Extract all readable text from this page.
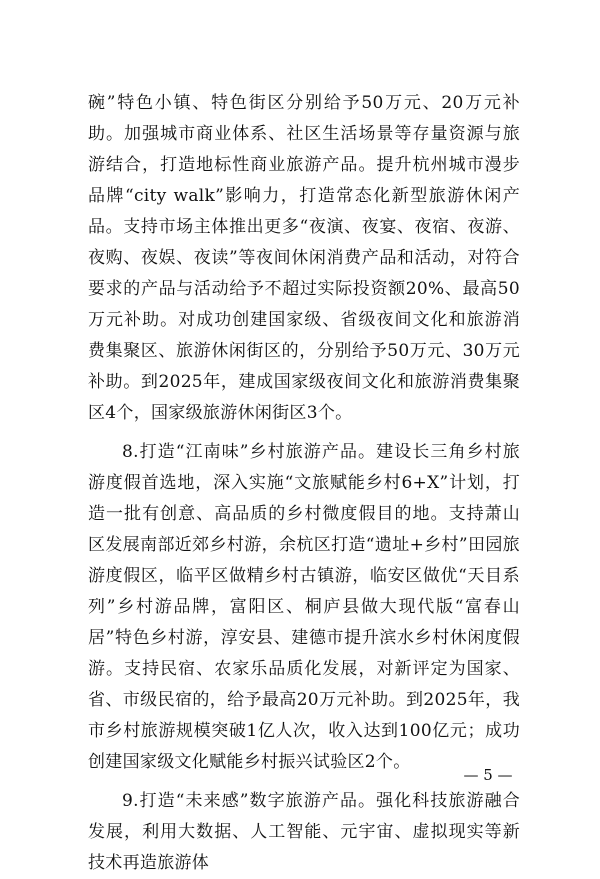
碗”特色小镇、特色街区分别给予50万元、20万元补助。加强城市商业体系、社区生活场景等存量资源与旅游结合，打造地标性商业旅游产品。提升杭州城市漫步品牌“city walk”影响力，打造常态化新型旅游休闲产品。支持市场主体推出更多“夜演、夜宴、夜宿、夜游、夜购、夜娱、夜读”等夜间休闲消费产品和活动，对符合要求的产品与活动给予不超过实际投资额20%、最高50万元补助。对成功创建国家级、省级夜间文化和旅游消费集聚区、旅游休闲街区的，分别给予50万元、30万元补助。到2025年，建成国家级夜间文化和旅游消费集聚区4个，国家级旅游休闲街区3个。

8.打造“江南味”乡村旅游产品。建设长三角乡村旅游度假首选地，深入实施“文旅赋能乡村6+X”计划，打造一批有创意、高品质的乡村微度假目的地。支持萧山区发展南部近郊乡村游，余杭区打造“遗址+乡村”田园旅游度假区，临平区做精乡村古镇游，临安区做优“天目系列”乡村游品牌，富阳区、桐庐县做大现代版“富春山居”特色乡村游，淳安县、建德市提升滨水乡村休闲度假游。支持民宿、农家乐品质化发展，对新评定为国家、省、市级民宿的，给予最高20万元补助。到2025年，我市乡村旅游规模突破1亿人次，收入达到100亿元；成功创建国家级文化赋能乡村振兴试验区2个。

9.打造“未来感”数字旅游产品。强化科技旅游融合发展，利用大数据、人工智能、元宇宙、虚拟现实等新技术再造旅游体

— 5 —
